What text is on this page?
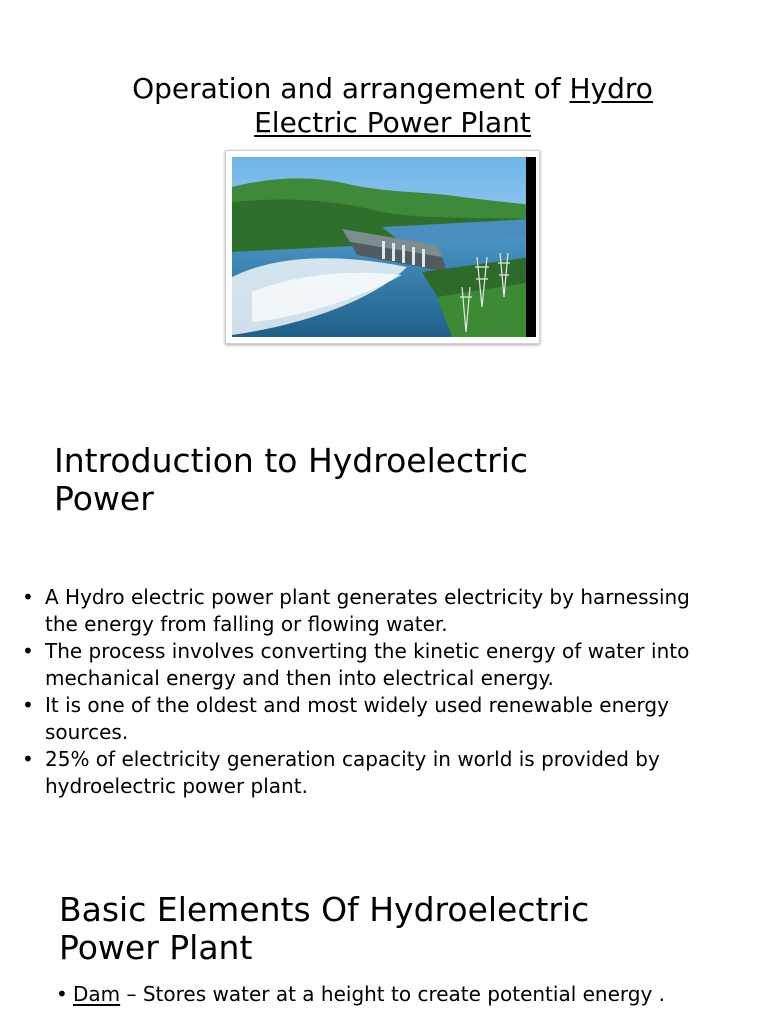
Operation and arrangement of Hydro
Electric Power Plant
Introduction to Hydroelectric
Power
• A Hydro electric power plant generates electricity by harnessing the energy from falling or flowing water.
• The process involves converting the kinetic energy of water into mechanical energy and then into electrical energy.
• It is one of the oldest and most widely used renewable energy sources.
• 25% of electricity generation capacity in world is provided by hydroelectric power plant.
Basic Elements Of Hydroelectric
Power Plant
• Dam – Stores water at a height to create potential energy .
